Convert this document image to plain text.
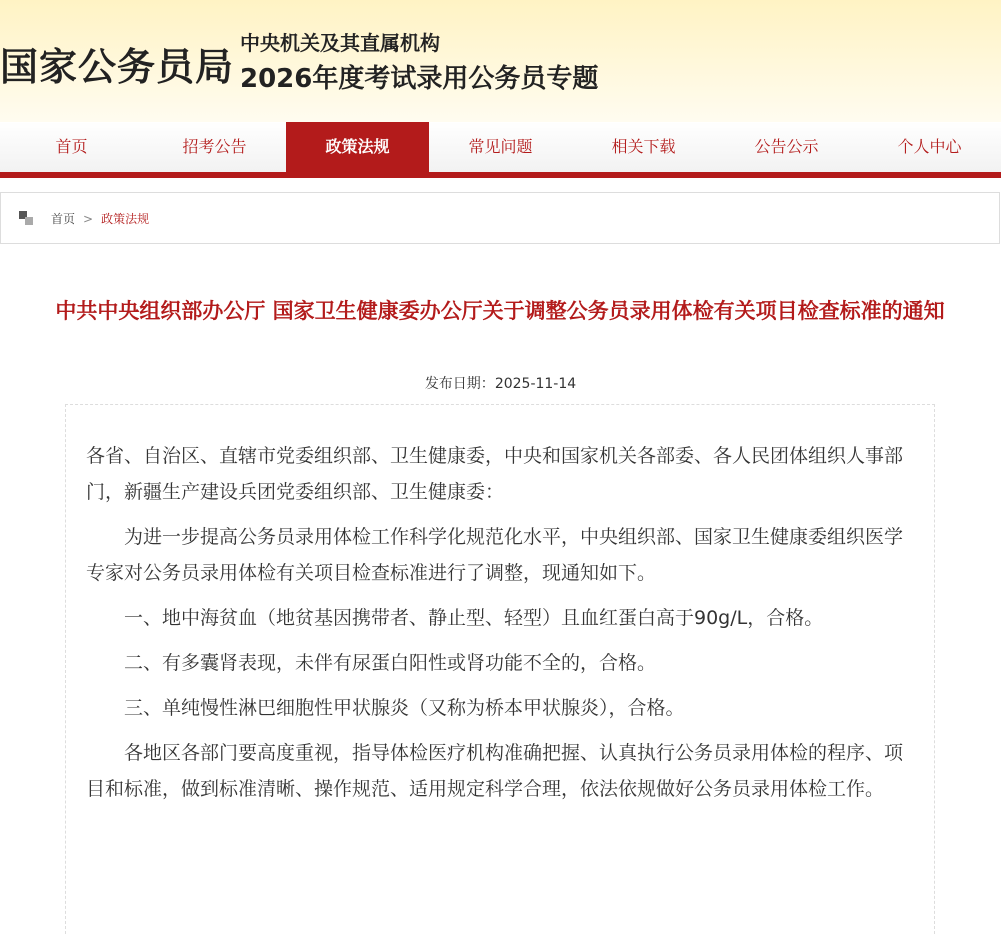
国家公务员局
中央机关及其直属机构
2026年度考试录用公务员专题
首页	招考公告	政策法规	常见问题	相关下载	公告公示	个人中心
首页 > 政策法规
中共中央组织部办公厅 国家卫生健康委办公厅关于调整公务员录用体检有关项目检查标准的通知
发布日期：2025-11-14

各省、自治区、直辖市党委组织部、卫生健康委，中央和国家机关各部委、各人民团体组织人事部门，新疆生产建设兵团党委组织部、卫生健康委：

为进一步提高公务员录用体检工作科学化规范化水平，中央组织部、国家卫生健康委组织医学专家对公务员录用体检有关项目检查标准进行了调整，现通知如下。

一、地中海贫血（地贫基因携带者、静止型、轻型）且血红蛋白高于90g/L，合格。

二、有多囊肾表现，未伴有尿蛋白阳性或肾功能不全的，合格。

三、单纯慢性淋巴细胞性甲状腺炎（又称为桥本甲状腺炎），合格。

各地区各部门要高度重视，指导体检医疗机构准确把握、认真执行公务员录用体检的程序、项目和标准，做到标准清晰、操作规范、适用规定科学合理，依法依规做好公务员录用体检工作。
